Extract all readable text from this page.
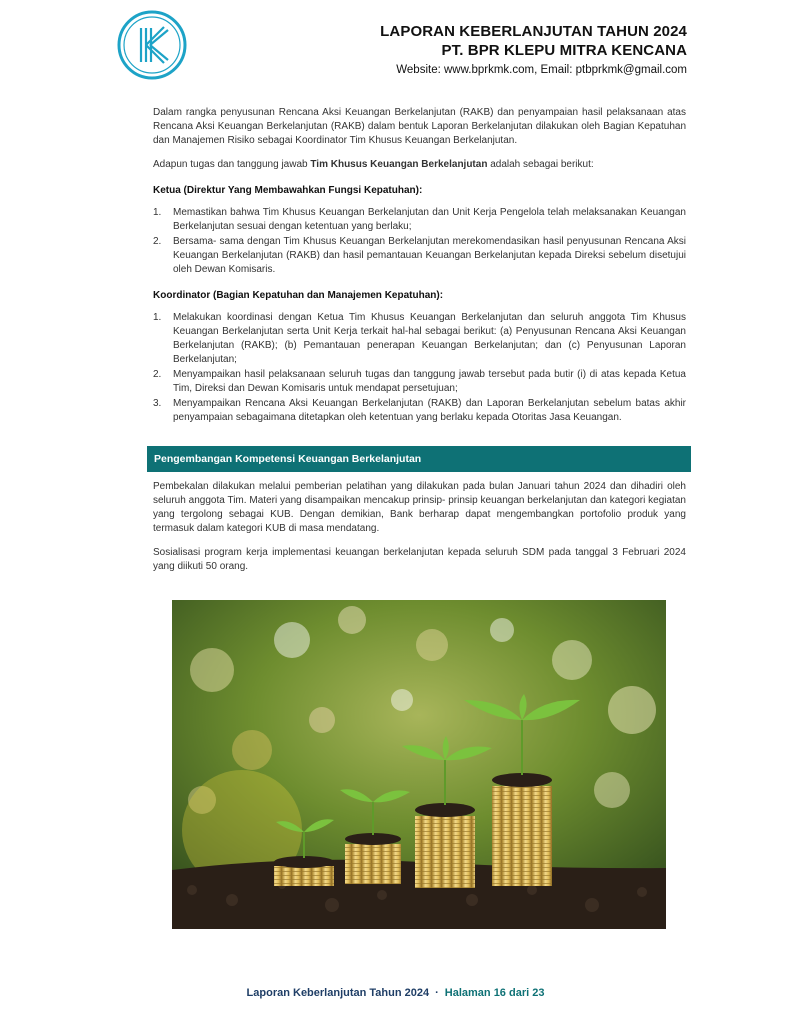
LAPORAN KEBERLANJUTAN TAHUN 2024
PT. BPR KLEPU MITRA KENCANA
Website: www.bprkmk.com, Email: ptbprkmk@gmail.com

Dalam rangka penyusunan Rencana Aksi Keuangan Berkelanjutan (RAKB) dan penyampaian hasil pelaksanaan atas Rencana Aksi Keuangan Berkelanjutan (RAKB) dalam bentuk Laporan Berkelanjutan dilakukan oleh Bagian Kepatuhan dan Manajemen Risiko sebagai Koordinator Tim Khusus Keuangan Berkelanjutan.

Adapun tugas dan tanggung jawab Tim Khusus Keuangan Berkelanjutan adalah sebagai berikut:

Ketua (Direktur Yang Membawahkan Fungsi Kepatuhan):
1.	Memastikan bahwa Tim Khusus Keuangan Berkelanjutan dan Unit Kerja Pengelola telah melaksanakan Keuangan Berkelanjutan sesuai dengan ketentuan yang berlaku;
2.	Bersama- sama dengan Tim Khusus Keuangan Berkelanjutan merekomendasikan hasil penyusunan Rencana Aksi Keuangan Berkelanjutan (RAKB) dan hasil pemantauan Keuangan Berkelanjutan kepada Direksi sebelum disetujui oleh Dewan Komisaris.
Koordinator (Bagian Kepatuhan dan Manajemen Kepatuhan):
1.	Melakukan koordinasi dengan Ketua Tim Khusus Keuangan Berkelanjutan dan seluruh anggota Tim Khusus Keuangan Berkelanjutan serta Unit Kerja terkait hal-hal sebagai berikut: (a) Penyusunan Rencana Aksi Keuangan Berkelanjutan (RAKB); (b) Pemantauan penerapan Keuangan Berkelanjutan; dan (c) Penyusunan Laporan Berkelanjutan;
2.	Menyampaikan hasil pelaksanaan seluruh tugas dan tanggung jawab tersebut pada butir (i) di atas kepada Ketua Tim, Direksi dan Dewan Komisaris untuk mendapat persetujuan;
3.	Menyampaikan Rencana Aksi Keuangan Berkelanjutan (RAKB) dan Laporan Berkelanjutan sebelum batas akhir penyampaian sebagaimana ditetapkan oleh ketentuan yang berlaku kepada Otoritas Jasa Keuangan.
Pengembangan Kompetensi Keuangan Berkelanjutan

Pembekalan dilakukan melalui pemberian pelatihan yang dilakukan pada bulan Januari tahun 2024 dan dihadiri oleh seluruh anggota Tim. Materi yang disampaikan mencakup prinsip- prinsip keuangan berkelanjutan dan kategori kegiatan yang tergolong sebagai KUB. Dengan demikian, Bank berharap dapat mengembangkan portofolio produk yang termasuk dalam kategori KUB di masa mendatang.

Sosialisasi program kerja implementasi keuangan berkelanjutan kepada seluruh SDM pada tanggal 3 Februari 2024 yang diikuti 50 orang.

Laporan Keberlanjutan Tahun 2024 · Halaman 16 dari 23
